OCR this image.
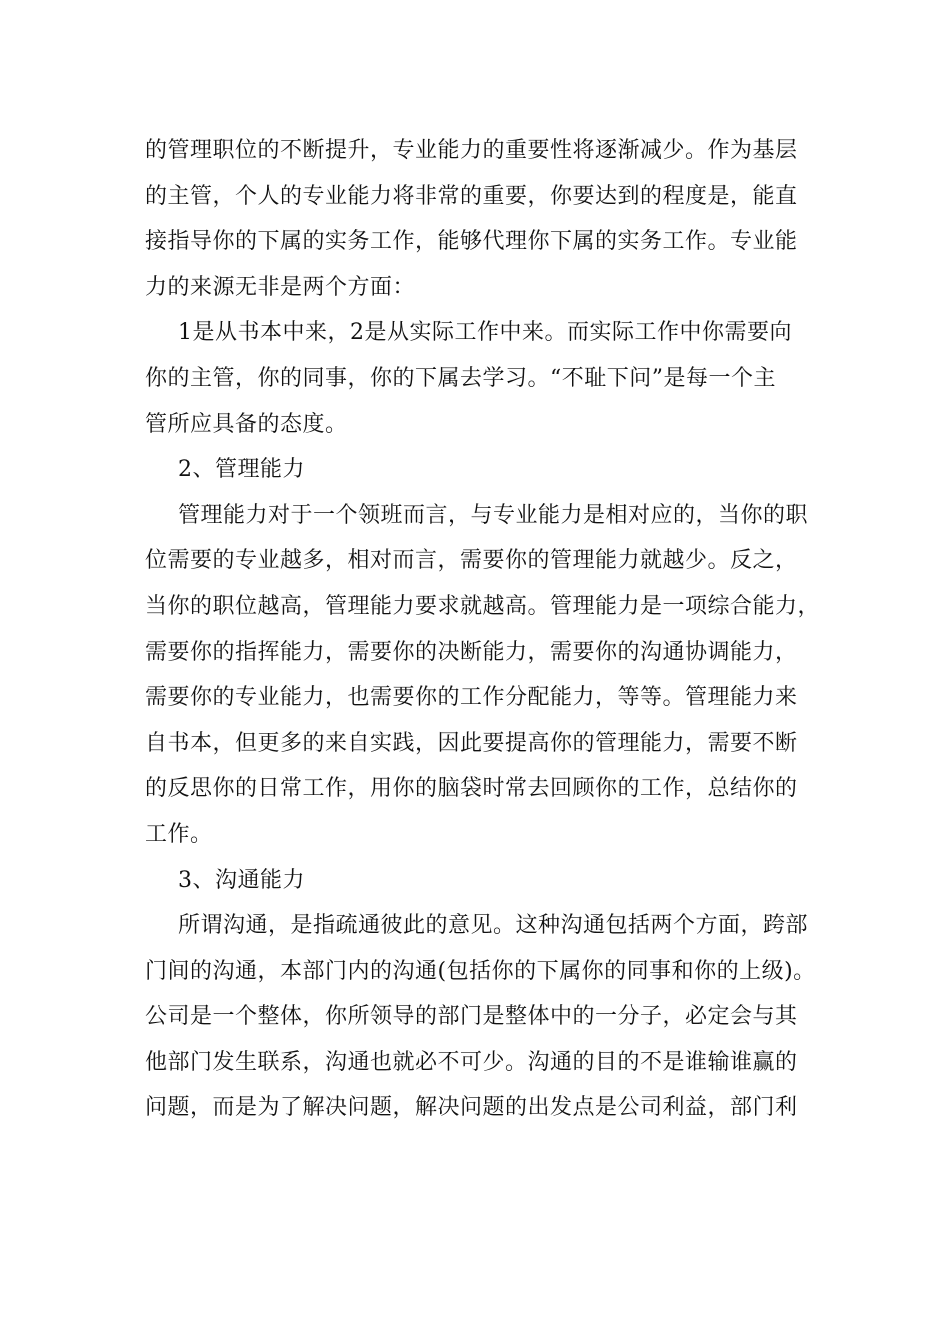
的管理职位的不断提升，专业能力的重要性将逐渐减少。作为基层
的主管，个人的专业能力将非常的重要，你要达到的程度是，能直
接指导你的下属的实务工作，能够代理你下属的实务工作。专业能
力的来源无非是两个方面：
1是从书本中来，2是从实际工作中来。而实际工作中你需要向
你的主管，你的同事，你的下属去学习。“不耻下问”是每一个主
管所应具备的态度。
2、管理能力
管理能力对于一个领班而言，与专业能力是相对应的，当你的职
位需要的专业越多，相对而言，需要你的管理能力就越少。反之，
当你的职位越高，管理能力要求就越高。管理能力是一项综合能力，
需要你的指挥能力，需要你的决断能力，需要你的沟通协调能力，
需要你的专业能力，也需要你的工作分配能力，等等。管理能力来
自书本，但更多的来自实践，因此要提高你的管理能力，需要不断
的反思你的日常工作，用你的脑袋时常去回顾你的工作，总结你的
工作。
3、沟通能力
所谓沟通，是指疏通彼此的意见。这种沟通包括两个方面，跨部
门间的沟通，本部门内的沟通(包括你的下属你的同事和你的上级)。
公司是一个整体，你所领导的部门是整体中的一分子，必定会与其
他部门发生联系，沟通也就必不可少。沟通的目的不是谁输谁赢的
问题，而是为了解决问题，解决问题的出发点是公司利益，部门利
